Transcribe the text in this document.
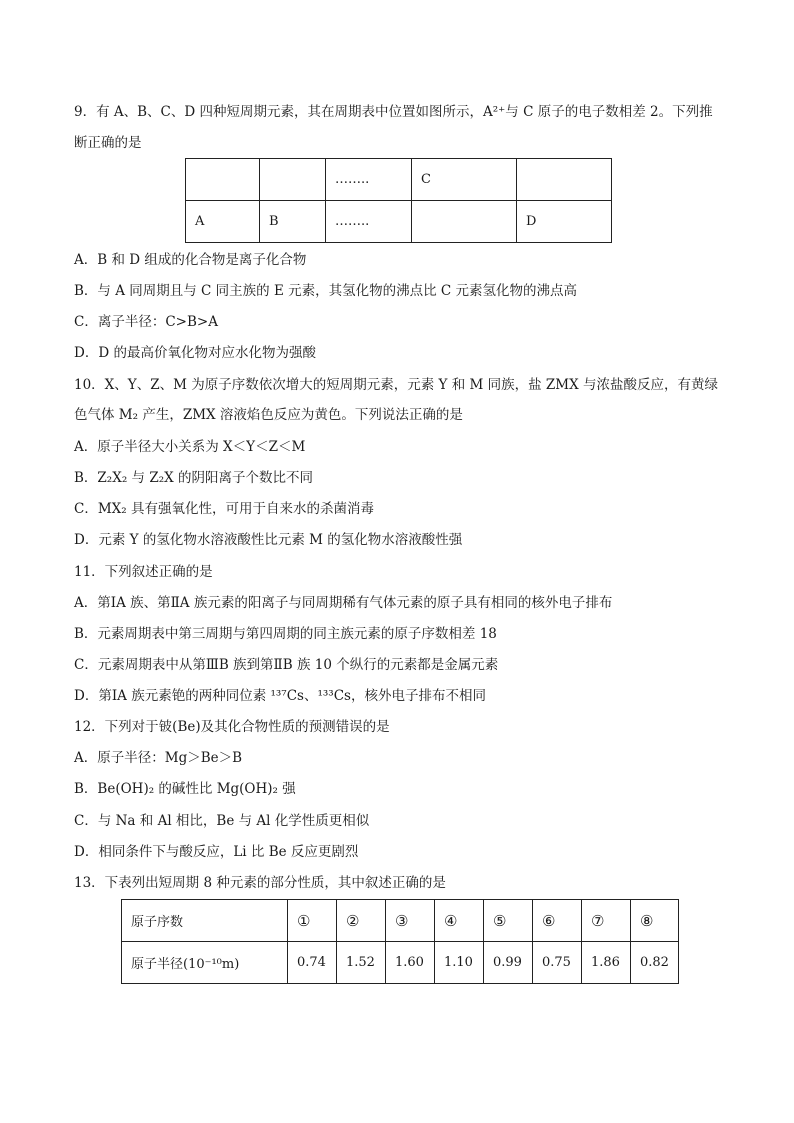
9．有 A、B、C、D 四种短周期元素，其在周期表中位置如图所示，A²⁺与 C 原子的电子数相差 2。下列推
断正确的是
		……..	C	
A	B	……..		D
A．B 和 D 组成的化合物是离子化合物
B．与 A 同周期且与 C 同主族的 E 元素，其氢化物的沸点比 C 元素氢化物的沸点高
C．离子半径：C>B>A
D．D 的最高价氧化物对应水化物为强酸
10．X、Y、Z、M 为原子序数依次增大的短周期元素，元素 Y 和 M 同族，盐 ZMX 与浓盐酸反应，有黄绿
色气体 M₂ 产生，ZMX 溶液焰色反应为黄色。下列说法正确的是
A．原子半径大小关系为 X＜Y＜Z＜M
B．Z₂X₂ 与 Z₂X 的阴阳离子个数比不同
C．MX₂ 具有强氧化性，可用于自来水的杀菌消毒
D．元素 Y 的氢化物水溶液酸性比元素 M 的氢化物水溶液酸性强
11．下列叙述正确的是
A．第ⅠA 族、第ⅡA 族元素的阳离子与同周期稀有气体元素的原子具有相同的核外电子排布
B．元素周期表中第三周期与第四周期的同主族元素的原子序数相差 18
C．元素周期表中从第ⅢB 族到第ⅡB 族 10 个纵行的元素都是金属元素
D．第ⅠA 族元素铯的两种同位素 ¹³⁷Cs、¹³³Cs，核外电子排布不相同
12．下列对于铍(Be)及其化合物性质的预测错误的是
A．原子半径：Mg＞Be＞B
B．Be(OH)₂ 的碱性比 Mg(OH)₂ 强
C．与 Na 和 Al 相比，Be 与 Al 化学性质更相似
D．相同条件下与酸反应，Li 比 Be 反应更剧烈
13．下表列出短周期 8 种元素的部分性质，其中叙述正确的是
原子序数	①	②	③	④	⑤	⑥	⑦	⑧
原子半径(10⁻¹⁰m)	0.74	1.52	1.60	1.10	0.99	0.75	1.86	0.82
